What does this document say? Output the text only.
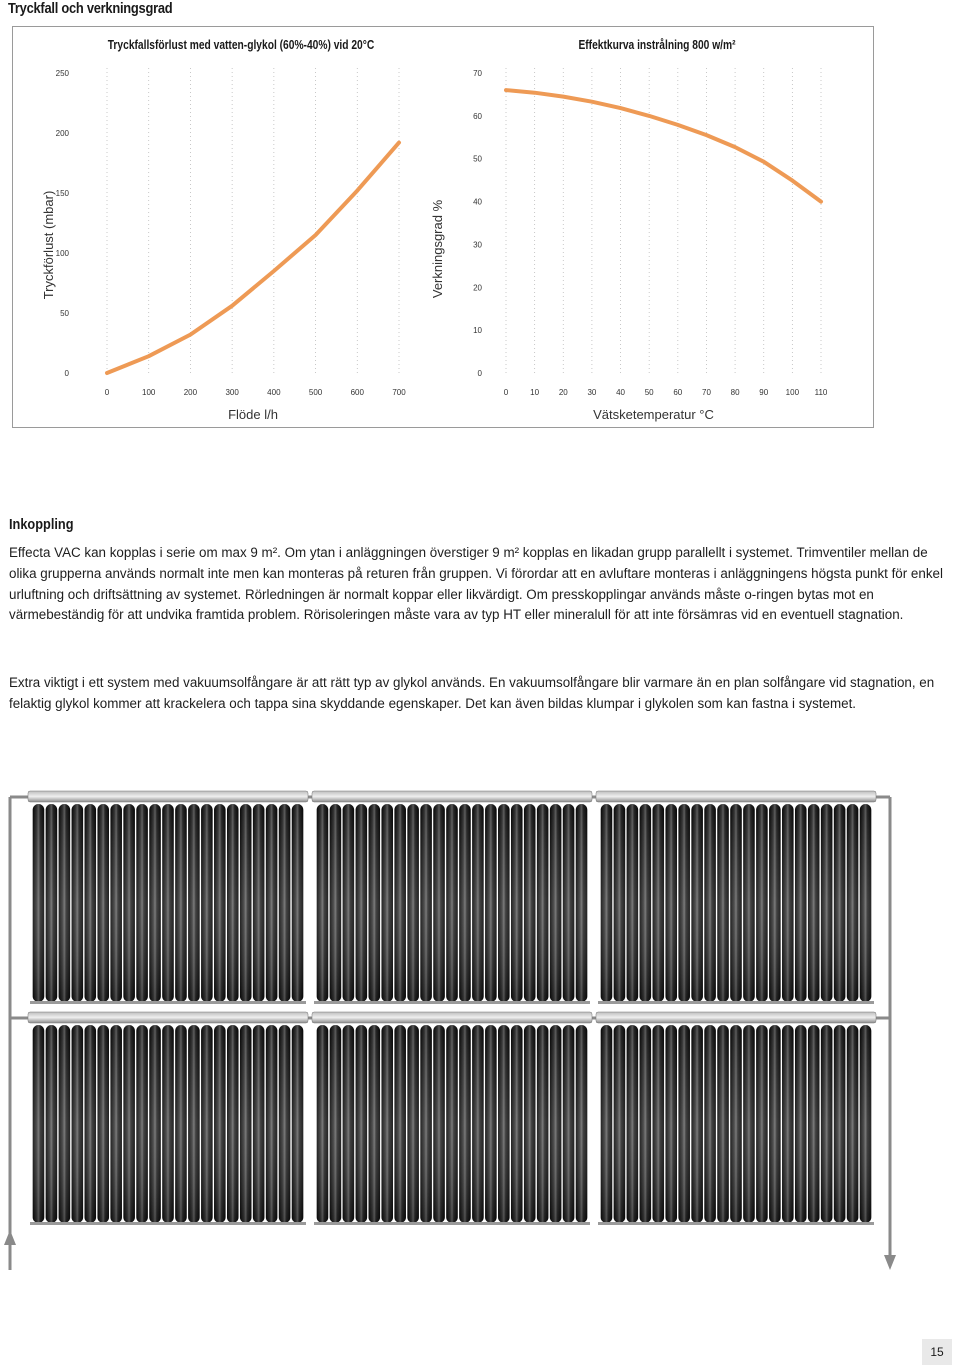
Tryckfall och verkningsgrad
Tryckfallsförlust med vatten-glykol (60%-40%) vid 20°C
0	100	200	300	400	500	600	700
0
50
100
150
200
250
Flöde l/h
Tryckförlust (mbar)
Effektkurva instrålning 800 w/m²
0	10 20 30 40 50 60 70 80 90 100 110
0
10
20
30
40
50
60
70
Vätsketemperatur °C
Verkningsgrad %
Inkoppling

Effecta VAC kan kopplas i serie om max 9 m². Om ytan i anläggningen överstiger 9 m² kopplas en likadan grupp parallellt i systemet. Trimventiler mellan de olika grupperna används normalt inte men kan monteras på returen från gruppen. Vi förordar att en avluftare monteras i anläggningens högsta punkt för enkel urluftning och driftsättning av systemet. Rörledningen är normalt koppar eller likvärdigt. Om presskopplingar används måste o-ringen bytas mot en värmebeständig för att undvika framtida problem. Rörisoleringen måste vara av typ HT eller mineralull för att inte försämras vid en eventuell stagnation.

Extra viktigt i ett system med vakuumsolfångare är att rätt typ av glykol används. En vakuumsolfångare blir varmare än en plan solfångare vid stagnation, en felaktig glykol kommer att krackelera och tappa sina skyddande egenskaper. Det kan även bildas klumpar i glykolen som kan fastna i systemet.

15
